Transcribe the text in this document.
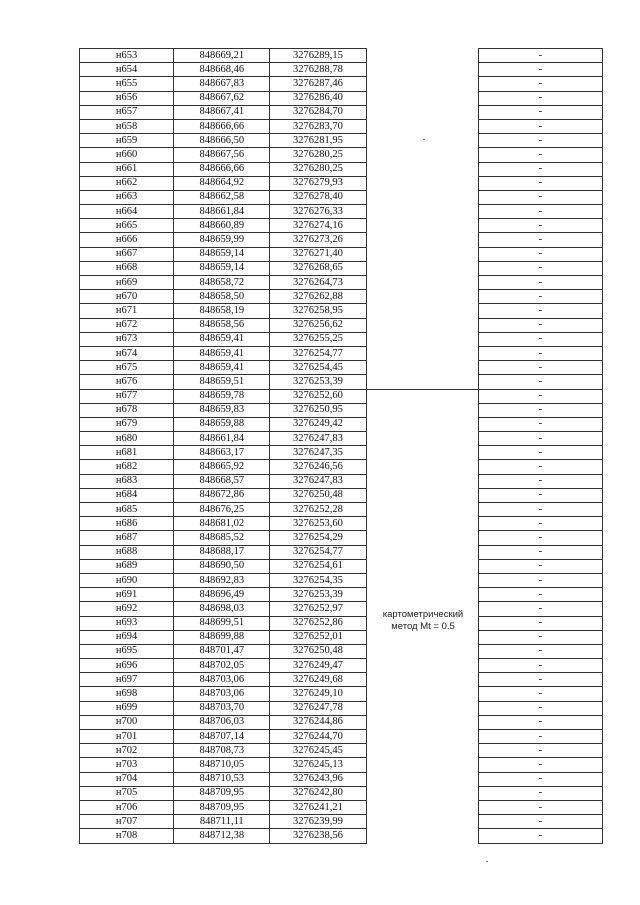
н653	848669,21	3276289,15		-
н654	848668,46	3276288,78		-
н655	848667,83	3276287,46		-
н656	848667,62	3276286,40		-
н657	848667,41	3276284,70		-
н658	848666,66	3276283,70		-
н659	848666,50	3276281,95		-
н660	848667,56	3276280,25		-
н661	848666,66	3276280,25		-
н662	848664,92	3276279,93		-
н663	848662,58	3276278,40		-
н664	848661,84	3276276,33		-
н665	848660,89	3276274,16		-
н666	848659,99	3276273,26		-
н667	848659,14	3276271,40		-
н668	848659,14	3276268,65		-
н669	848658,72	3276264,73		-
н670	848658,50	3276262,88		-
н671	848658,19	3276258,95		-
н672	848658,56	3276256,62		-
н673	848659,41	3276255,25		-
н674	848659,41	3276254,77		-
н675	848659,41	3276254,45		-
н676	848659,51	3276253,39		-
н677	848659,78	3276252,60		-
н678	848659,83	3276250,95		-
н679	848659,88	3276249,42		-
н680	848661,84	3276247,83		-
н681	848663,17	3276247,35		-
н682	848665,92	3276246,56		-
н683	848668,57	3276247,83		-
н684	848672,86	3276250,48		-
н685	848676,25	3276252,28		-
н686	848681,02	3276253,60		-
н687	848685,52	3276254,29		-
н688	848688,17	3276254,77		-
н689	848690,50	3276254,61		-
н690	848692,83	3276254,35		-
н691	848696,49	3276253,39		-
н692	848698,03	3276252,97		-
н693	848699,51	3276252,86		-
н694	848699,88	3276252,01		-
н695	848701,47	3276250,48		-
н696	848702,05	3276249,47		-
н697	848703,06	3276249,68		-
н698	848703,06	3276249,10		-
н699	848703,70	3276247,78		-
н700	848706,03	3276244,86		-
н701	848707,14	3276244,70		-
н702	848708,73	3276245,45		-
н703	848710,05	3276245,13		-
н704	848710,53	3276243,96		-
н705	848709,95	3276242,80		-
н706	848709,95	3276241,21		-
н707	848711,11	3276239,99		-
н708	848712,38	3276238,56		-
картометрический
метод Mt = 0.5
